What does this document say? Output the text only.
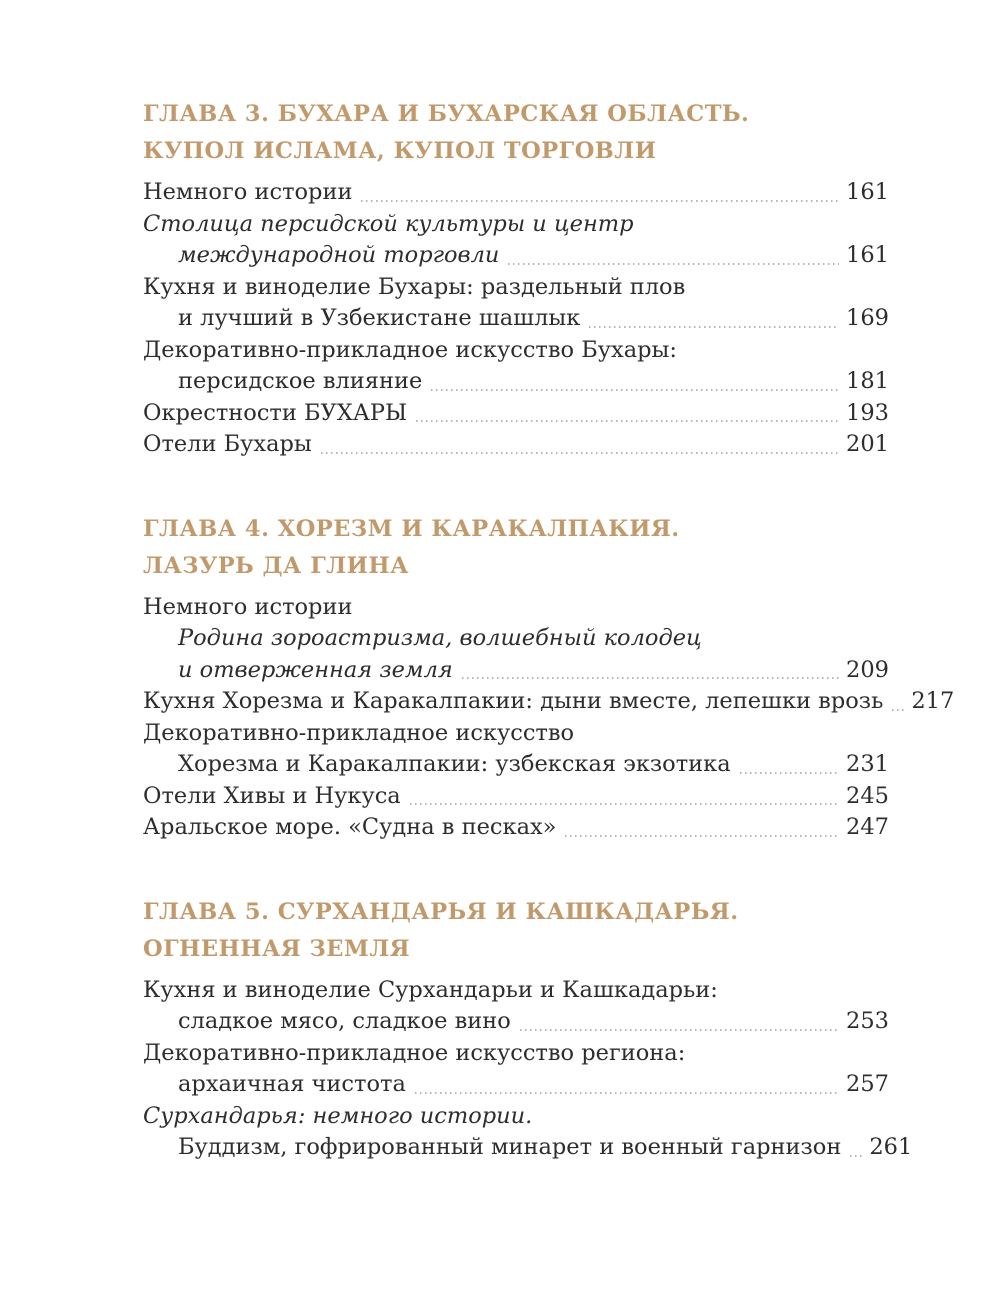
ГЛАВА 3. БУХАРА И БУХАРСКАЯ ОБЛАСТЬ.
КУПОЛ ИСЛАМА, КУПОЛ ТОРГОВЛИ
Немного истории	161
Столица персидской культуры и центр
международной торговли	161
Кухня и виноделие Бухары: раздельный плов
и лучший в Узбекистане шашлык	169
Декоративно-прикладное искусство Бухары:
персидское влияние	181
Окрестности БУХАРЫ	193
Отели Бухары	201
ГЛАВА 4. ХОРЕЗМ И КАРАКАЛПАКИЯ.
ЛАЗУРЬ ДА ГЛИНА
Немного истории
Родина зороастризма, волшебный колодец
и отверженная земля	209
Кухня Хорезма и Каракалпакии: дыни вместе, лепешки врозь 217
Декоративно-прикладное искусство
Хорезма и Каракалпакии: узбекская экзотика	231
Отели Хивы и Нукуса	245
Аральское море. «Судна в песках»	247
ГЛАВА 5. СУРХАНДАРЬЯ И КАШКАДАРЬЯ.
ОГНЕННАЯ ЗЕМЛЯ
Кухня и виноделие Сурхандарьи и Кашкадарьи:
сладкое мясо, сладкое вино	253
Декоративно-прикладное искусство региона:
архаичная чистота	257
Сурхандарья: немного истории.
Буддизм, гофрированный минарет и военный гарнизон 261
